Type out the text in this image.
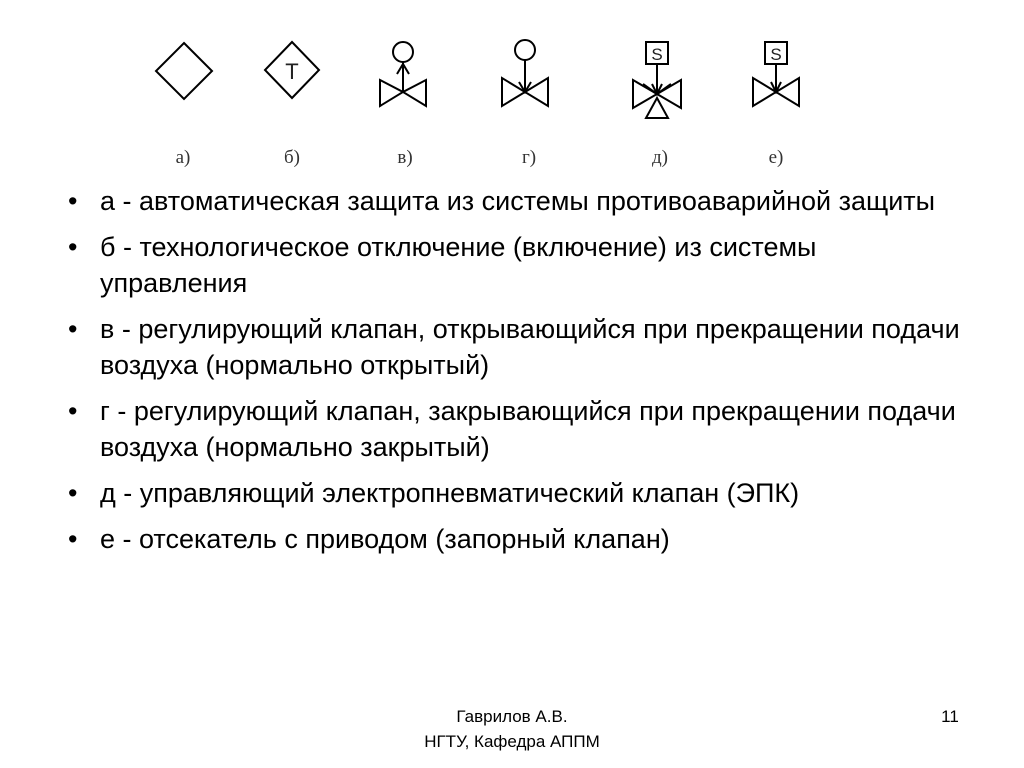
T
S	S
а)	б)	в)	г)	д)	е)
• а - автоматическая защита из системы противоаварийной защиты
• б - технологическое отключение (включение) из системы управления
• в - регулирующий клапан, открывающийся при прекращении подачи воздуха (нормально открытый)
• г - регулирующий клапан, закрывающийся при прекращении подачи воздуха (нормально закрытый)
• д - управляющий электропневматический клапан (ЭПК)
• е - отсекатель с приводом (запорный клапан)
Гаврилов А.В.
НГТУ, Кафедра АППМ
11
